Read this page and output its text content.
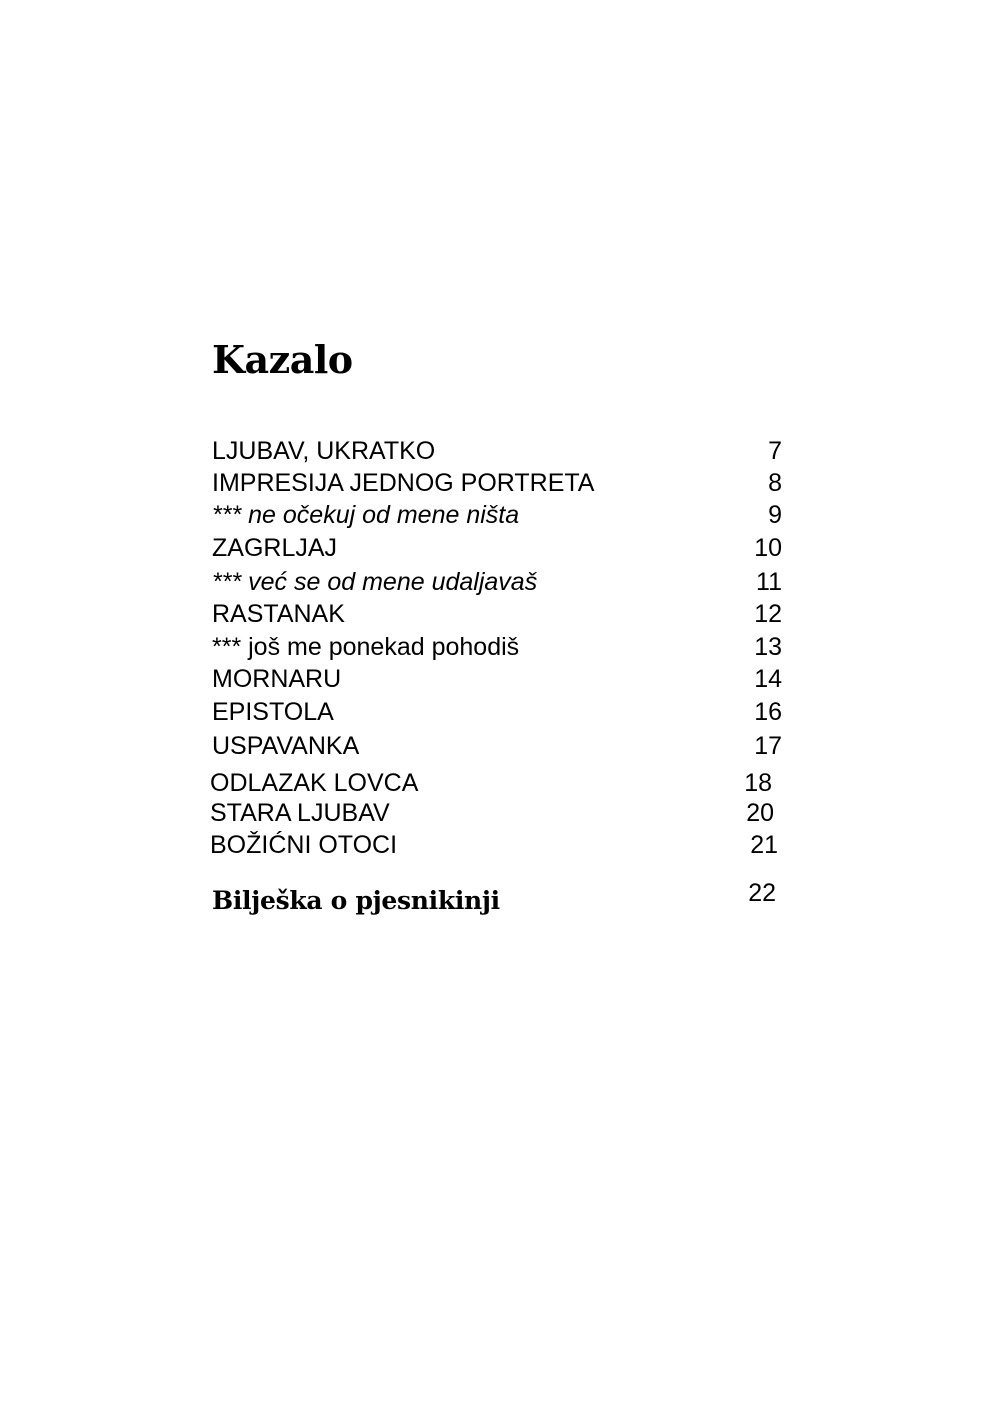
Kazalo
LJUBAV, UKRATKO	7
IMPRESIJA JEDNOG PORTRETA	8
*** ne očekuj od mene ništa	9
ZAGRLJAJ	10
*** već se od mene udaljavaš	11
RASTANAK	12
*** još me ponekad pohodiš	13
MORNARU	14
EPISTOLA	16
USPAVANKA	17
ODLAZAK LOVCA	18
STARA LJUBAV	20
BOŽIĆNI OTOCI	21
Bilješka o pjesnikinji	22
